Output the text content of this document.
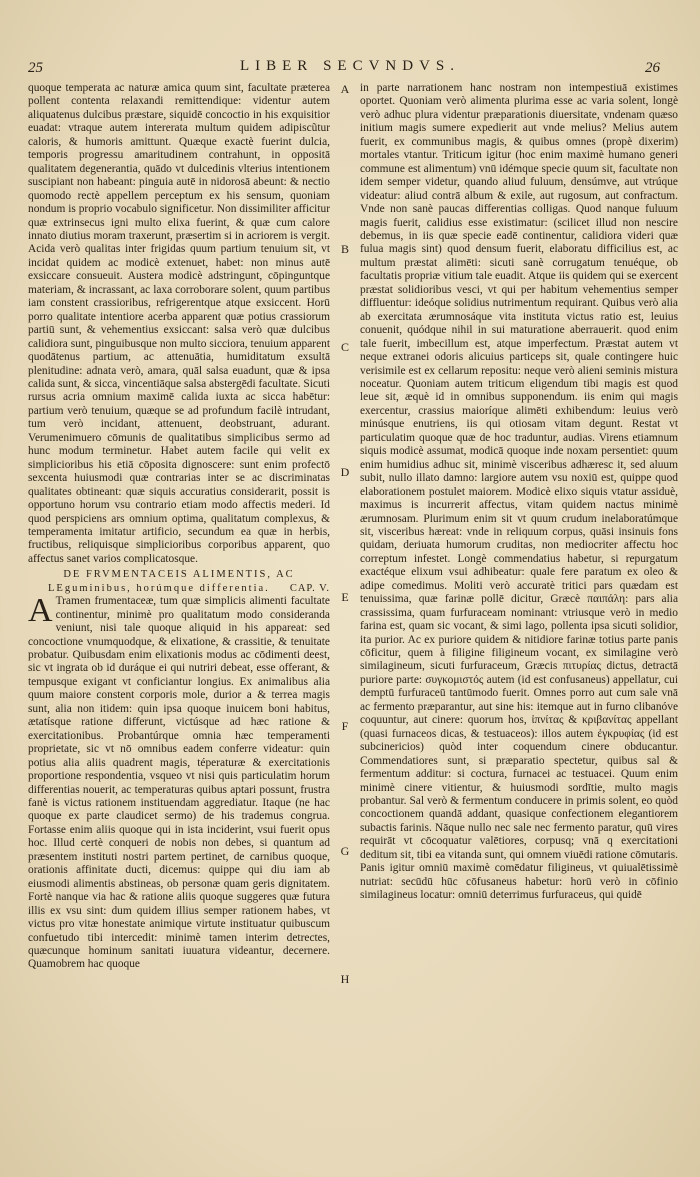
25	LIBER SECVNDVS.	26

quoque temperata ac naturæ amica quum sint, facultate præterea pollent contenta relaxandi remittendique: videntur autem aliquatenus dulcibus præstare, siquidē concoctio in his exquisitior euadat: vtraque autem intererata multum quidem adipiscũtur caloris, & humoris amittunt. Quæque exactè fuerint dulcia, temporis progressu amaritudinem contrahunt, in oppositā qualitatem degenerantia, quādo vt dulcedinis vlterius intentionem suscipiant non habeant: pinguia autē in nidorosā abeunt: & nectio quomodo rectè appellem perceptum ex his sensum, quoniam nondum is proprio vocabulo significetur. Non dissimiliter afficitur quæ extrinsecus igni multo elixa fuerint, & quæ cum calore innato diutius moram traxerunt, præsertim si in acriorem is vergit. Acida verò qualitas inter frigidas quum partium tenuium sit, vt incidat quidem ac modicè extenuet, habet: non minus autē exsiccare consueuit. Austera modicè adstringunt, cōpinguntque materiam, & incrassant, ac laxa corroborare solent, quum partibus iam constent crassioribus, refrigerentque atque exsiccent. Horū porro qualitate intentiore acerba apparent quæ potius crassiorum partiū sunt, & vehementius exsiccant: salsa verò quæ dulcibus calidiora sunt, pinguibusque non multo sicciora, tenuium apparent quodātenus partium, ac attenuātia, humiditatum exsultā plenitudine: adnata verò, amara, quāl salsa euadunt, quæ & ipsa calida sunt, & sicca, vincentiāque salsa abstergēdi facultate. Sicuti rursus acria omnium maximē calida iuxta ac sicca habētur: partium verò tenuium, quæque se ad profundum facilè intrudant, tum verò incidant, attenuent, deobstruant, adurant. Verumenimuero cōmunis de qualitatibus simplicibus sermo ad hunc modum terminetur. Habet autem facile qui velit ex simplicioribus his etiā cōposita dignoscere: sunt enim profectō sexcenta huiusmodi quæ contrarias inter se ac discriminatas qualitates obtineant: quæ siquis accuratius considerarit, possit is opportuno horum vsu contrario etiam modo affectis mederi. Id quod perspiciens ars omnium optima, qualitatum complexus, & temperamenta imitatur artificio, secundum ea quæ in herbis, fructibus, reliquisque simplicioribus corporibus apparent, quo affectus sanet varios complicatosque.

DE FRVMENTACEIS ALIMENTIS, AC LEguminibus, horúmque differentia. CAP. V.

A Tramen frumentaceæ, tum quæ simplicis alimenti facultate continentur, minimè pro qualitatum modo consideranda veniunt, nisi tale quoque aliquid in his appareat: sed concoctione vnumquodque, & elixatione, & crassitie, & tenuitate probatur. Quibusdam enim elixationis modus ac cōdimenti deest, sic vt ingrata ob id duráque ei qui nutriri debeat, esse offerant, & tempusque exigant vt conficiantur longius. Ex animalibus alia quum maiore constent corporis mole, durior a & terrea magis sunt, alia non itidem: quin ipsa quoque inuicem boni habitus, ætatísque ratione differunt, victúsque ad hæc ratione & exercitationibus. Probantúrque omnia hæc temperamenti proprietate, sic vt nō omnibus eadem conferre videatur: quin potius alia aliis quadrent magis, téperaturæ & exercitationis proportione respondentia, vsqueo vt nisi quis particulatim horum differentias nouerit, ac temperaturas quibus aptari possunt, frustra fanè is victus rationem instituendam aggrediatur. Itaque (ne hac quoque ex parte claudicet sermo) de his trademus congrua. Fortasse enim aliis quoque qui in ista inciderint, vsui fuerit opus hoc. Illud certè conqueri de nobis non debes, si quantum ad præsentem instituti nostri partem pertinet, de carnibus quoque, orationis affinitate ducti, dicemus: quippe qui diu iam ab eiusmodi alimentis abstineas, ob personæ quam geris dignitatem. Fortè nanque via hac & ratione aliis quoque suggeres quæ futura illis ex vsu sint: dum quidem illius semper rationem habes, vt victus pro vitæ honestate animique virtute instituatur quibuscum confuetudo tibi intercedit: minimè tamen interim detrectes, quæcunque hominum sanitati iuuatura videantur, decernere. Quamobrem hac quoque

A
B
C
D
E
F
G
H

in parte narrationem hanc nostram non intempestiuā existimes oportet. Quoniam verò alimenta plurima esse ac varia solent, longè verò adhuc plura videntur præparationis diuersitate, vndenam quæso initium magis sumere expedierit aut vnde melius? Melius autem fuerit, ex communibus magis, & quibus omnes (propè dixerim) mortales vtantur. Triticum igitur (hoc enim maximè humano generi commune est alimentum) vnū idémque specie quum sit, facultate non idem semper videtur, quando aliud fuluum, densúmve, aut vtrúque videatur: aliud contrā album & exile, aut rugosum, aut confractum. Vnde non sanè paucas differentias colligas. Quod nanque fuluum magis fuerit, calidius esse existimatur: (scilicet illud non nescire debemus, in iis quæ specie eadē continentur, calidiora videri quæ fulua magis sint) quod densum fuerit, elaboratu difficilius est, ac multum præstat alimēti: sicuti sanè corrugatum tenuéque, ob facultatis propriæ vitium tale euadit. Atque iis quidem qui se exercent præstat solidioribus vesci, vt qui per habitum vehementius semper diffluentur: ideóque solidius nutrimentum requirant. Quibus verò alia ab exercitata ærumnosáque vita instituta victus ratio est, leuius conuenit, quódque nihil in sui maturatione aberrauerit. quod enim tale fuerit, imbecillum est, atque imperfectum. Præstat autem vt neque extranei odoris alicuius particeps sit, quale contingere huic verisimile est ex cellarum repositu: neque verò alieni seminis mistura noceatur. Quoniam autem triticum eligendum tibi magis est quod leue sit, æquè id in omnibus supponendum. iis enim qui magis exercentur, crassius maioríque alimēti exhibendum: leuius verò minúsque enutriens, iis qui otiosam vitam degunt. Restat vt particulatim quoque quæ de hoc traduntur, audias. Virens etiamnum siquis modicè assumat, modicā quoque inde noxam persentiet: quum enim humidius adhuc sit, minimè visceribus adhæresc it, sed aluum subit, nullo illato damno: largiore autem vsu noxiū est, quippe quod elaborationem postulet maiorem. Modicè elixo siquis vtatur assiduè, maximus is incurrerit affectus, vitam quidem nactus minimè ærumnosam. Plurimum enim sit vt quum crudum inelaboratúmque sit, visceribus hæreat: vnde in reliquum corpus, quāsi insinuis fons quidam, deriuata humorum cruditas, non mediocriter affectu hoc correptum infestet. Longè commendatius habetur, si repurgatum exactéque elixum vsui adhibeatur: quale fere paratum ex oleo & adipe comedimus. Moliti verò accuratè tritici pars quædam est tenuissima, quæ farinæ pollē dicitur, Græcè παιπάλη: pars alia crassissima, quam furfuraceam nominant: vtriusque verò in medio farina est, quam sic vocant, & simi lago, pollenta ipsa sicuti solidior, ita purior. Ac ex puriore quidem & nitidiore farinæ totius parte panis cōficitur, quem à filigine filigineum vocant, ex similagine verò similagineum, sicuti furfuraceum, Græcis πιτυρίας dictus, detractā puriore parte: συγκομιστός autem (id est confusaneus) appellatur, cui demptū furfuraceū tantūmodo fuerit. Omnes porro aut cum sale vnā ac fermento præparantur, aut sine his: itemque aut in furno clibanóve coquuntur, aut cinere: quorum hos, ἰπνίτας & κριβανίτας appellant (quasi furnaceos dicas, & testuaceos): illos autem ἐγκρυφίας (id est subcinericios) quòd inter coquendum cinere obducantur. Commendatiores sunt, si præparatio spectetur, quibus sal & fermentum additur: si coctura, furnacei ac testuacei. Quum enim minimè cinere vitientur, & huiusmodi sordītie, multo magis probantur. Sal verò & fermentum conducere in primis solent, eo quòd concoctionem quandā addant, quasique confectionem elegantiorem subactis farinis. Nāque nullo nec sale nec fermento paratur, quū vires requirāt vt cōcoquatur valētiores, corpusq; vnā q exercitationi deditum sit, tibi ea vitanda sunt, qui omnem viuēdi ratione cōmutaris. Panis igitur omniū maximè comēdatur filigineus, vt quiualētissimè nutriat: secūdū hūc cōfusaneus habetur: horū verò in cōfinio similagineus locatur: omniū deterrimus furfuraceus, qui quidē
